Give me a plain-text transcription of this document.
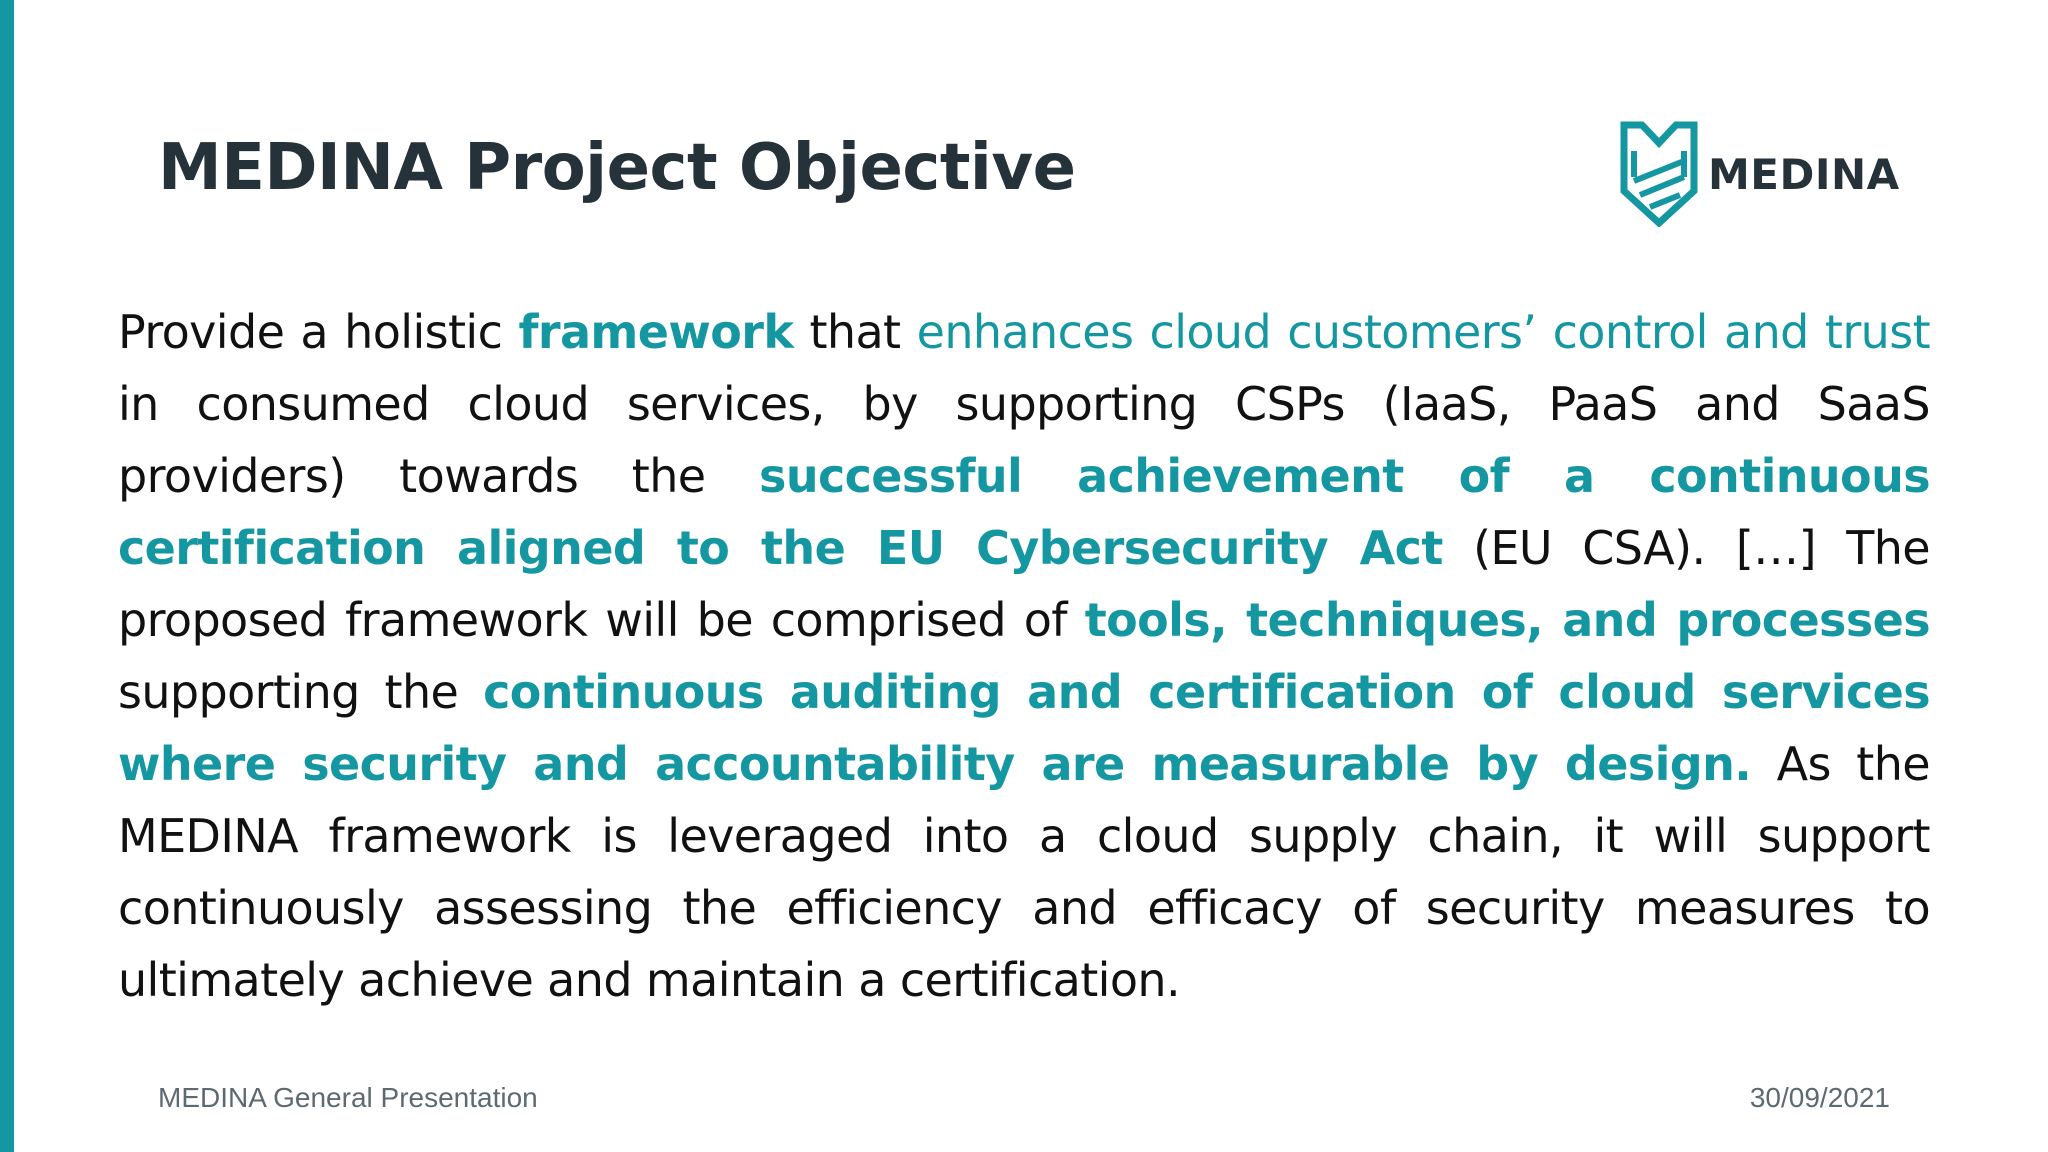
MEDINA Project Objective	MEDINA

Provide a holistic framework that enhances cloud customers’ control and trust in consumed cloud services, by supporting CSPs (IaaS, PaaS and SaaS providers) towards the successful achievement of a continuous certification aligned to the EU Cybersecurity Act (EU CSA). […] The proposed framework will be comprised of tools, techniques, and processes supporting the continuous auditing and certification of cloud services where security and accountability are measurable by design. As the MEDINA framework is leveraged into a cloud supply chain, it will support continuously assessing the efficiency and efficacy of security measures to ultimately achieve and maintain a certification.

MEDINA General Presentation	30/09/2021
